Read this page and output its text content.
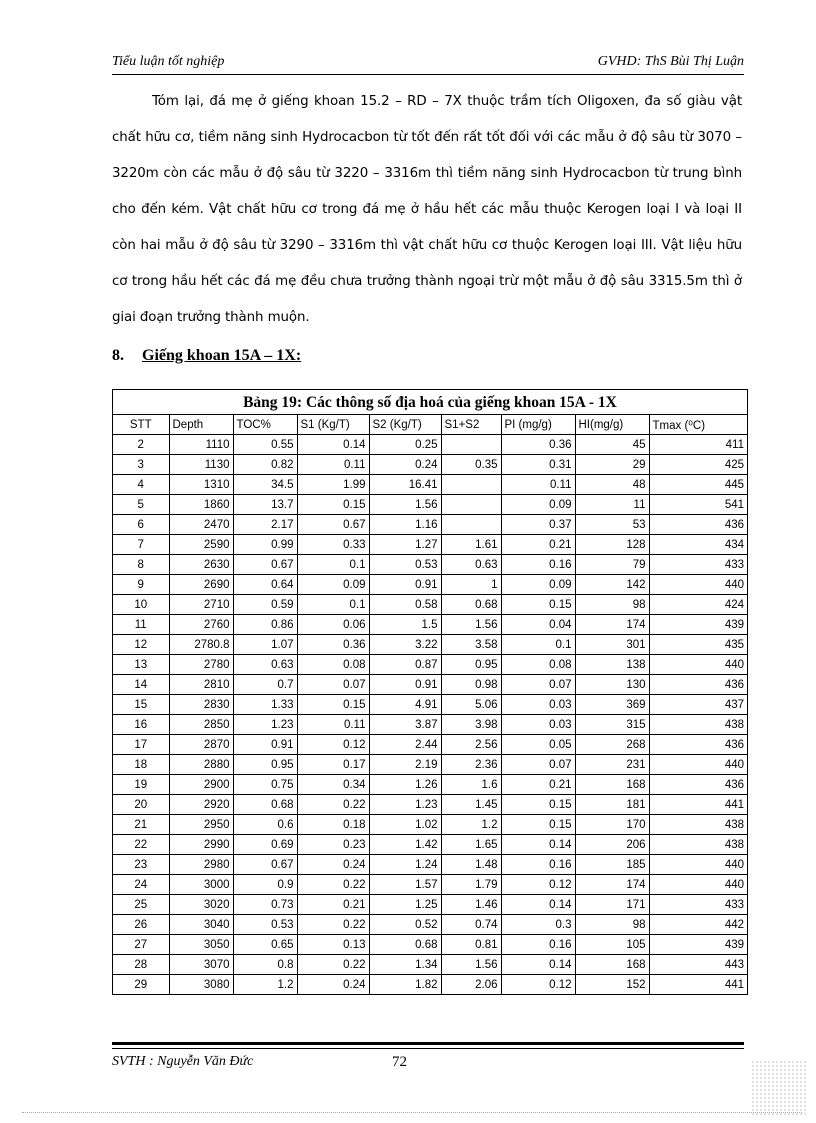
Tiểu luận tốt nghiệp	GVHD: ThS Bùi Thị Luận

Tóm lại, đá mẹ ở giếng khoan 15.2 – RD – 7X thuộc trầm tích Oligoxen, đa số giàu vật chất hữu cơ, tiềm năng sinh Hydrocacbon từ tốt đến rất tốt đối với các mẫu ở độ sâu từ 3070 – 3220m còn các mẫu ở độ sâu từ 3220 – 3316m thì tiềm năng sinh Hydrocacbon từ trung bình cho đến kém. Vật chất hữu cơ trong đá mẹ ở hầu hết các mẫu thuộc Kerogen loại I và loại II còn hai mẫu ở độ sâu từ 3290 – 3316m thì vật chất hữu cơ thuộc Kerogen loại III. Vật liệu hữu cơ trong hầu hết các đá mẹ đều chưa trưởng thành ngoại trừ một mẫu ở độ sâu 3315.5m thì ở giai đoạn trưởng thành muộn.

8. Giếng khoan 15A – 1X:
Bảng 19: Các thông số địa hoá của giếng khoan 15A - 1X
STT	Depth	TOC%	S1 (Kg/T)	S2 (Kg/T)	S1+S2	PI (mg/g)	HI(mg/g)	Tmax (⁰C)
2	1110	0.55	0.14	0.25		0.36	45	411
3	1130	0.82	0.11	0.24	0.35	0.31	29	425
4	1310	34.5	1.99	16.41		0.11	48	445
5	1860	13.7	0.15	1.56		0.09	11	541
6	2470	2.17	0.67	1.16		0.37	53	436
7	2590	0.99	0.33	1.27	1.61	0.21	128	434
8	2630	0.67	0.1	0.53	0.63	0.16	79	433
9	2690	0.64	0.09	0.91	1	0.09	142	440
10	2710	0.59	0.1	0.58	0.68	0.15	98	424
11	2760	0.86	0.06	1.5	1.56	0.04	174	439
12	2780.8	1.07	0.36	3.22	3.58	0.1	301	435
13	2780	0.63	0.08	0.87	0.95	0.08	138	440
14	2810	0.7	0.07	0.91	0.98	0.07	130	436
15	2830	1.33	0.15	4.91	5.06	0.03	369	437
16	2850	1.23	0.11	3.87	3.98	0.03	315	438
17	2870	0.91	0.12	2.44	2.56	0.05	268	436
18	2880	0.95	0.17	2.19	2.36	0.07	231	440
19	2900	0.75	0.34	1.26	1.6	0.21	168	436
20	2920	0.68	0.22	1.23	1.45	0.15	181	441
21	2950	0.6	0.18	1.02	1.2	0.15	170	438
22	2990	0.69	0.23	1.42	1.65	0.14	206	438
23	2980	0.67	0.24	1.24	1.48	0.16	185	440
24	3000	0.9	0.22	1.57	1.79	0.12	174	440
25	3020	0.73	0.21	1.25	1.46	0.14	171	433
26	3040	0.53	0.22	0.52	0.74	0.3	98	442
27	3050	0.65	0.13	0.68	0.81	0.16	105	439
28	3070	0.8	0.22	1.34	1.56	0.14	168	443
29	3080	1.2	0.24	1.82	2.06	0.12	152	441
SVTH : Nguyễn Văn Đức	72
